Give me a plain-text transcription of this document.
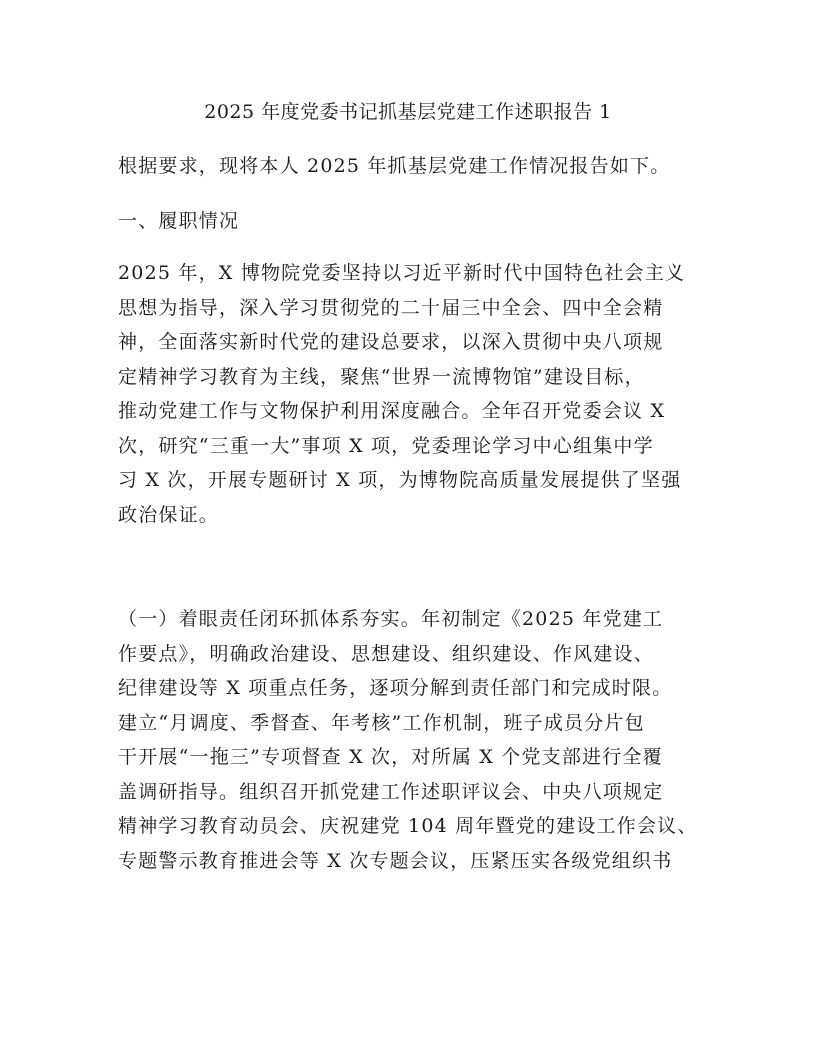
2025 年度党委书记抓基层党建工作述职报告 1
根据要求，现将本人 2025 年抓基层党建工作情况报告如下。
一、履职情况
2025 年，X 博物院党委坚持以习近平新时代中国特色社会主义
思想为指导，深入学习贯彻党的二十届三中全会、四中全会精
神，全面落实新时代党的建设总要求，以深入贯彻中央八项规
定精神学习教育为主线，聚焦“世界一流博物馆”建设目标，
推动党建工作与文物保护利用深度融合。全年召开党委会议 X
次，研究“三重一大”事项 X 项，党委理论学习中心组集中学
习 X 次，开展专题研讨 X 项，为博物院高质量发展提供了坚强
政治保证。
（一）着眼责任闭环抓体系夯实。年初制定《2025 年党建工
作要点》，明确政治建设、思想建设、组织建设、作风建设、
纪律建设等 X 项重点任务，逐项分解到责任部门和完成时限。
建立“月调度、季督查、年考核”工作机制，班子成员分片包
干开展“一拖三”专项督查 X 次，对所属 X 个党支部进行全覆
盖调研指导。组织召开抓党建工作述职评议会、中央八项规定
精神学习教育动员会、庆祝建党 104 周年暨党的建设工作会议、
专题警示教育推进会等 X 次专题会议，压紧压实各级党组织书
